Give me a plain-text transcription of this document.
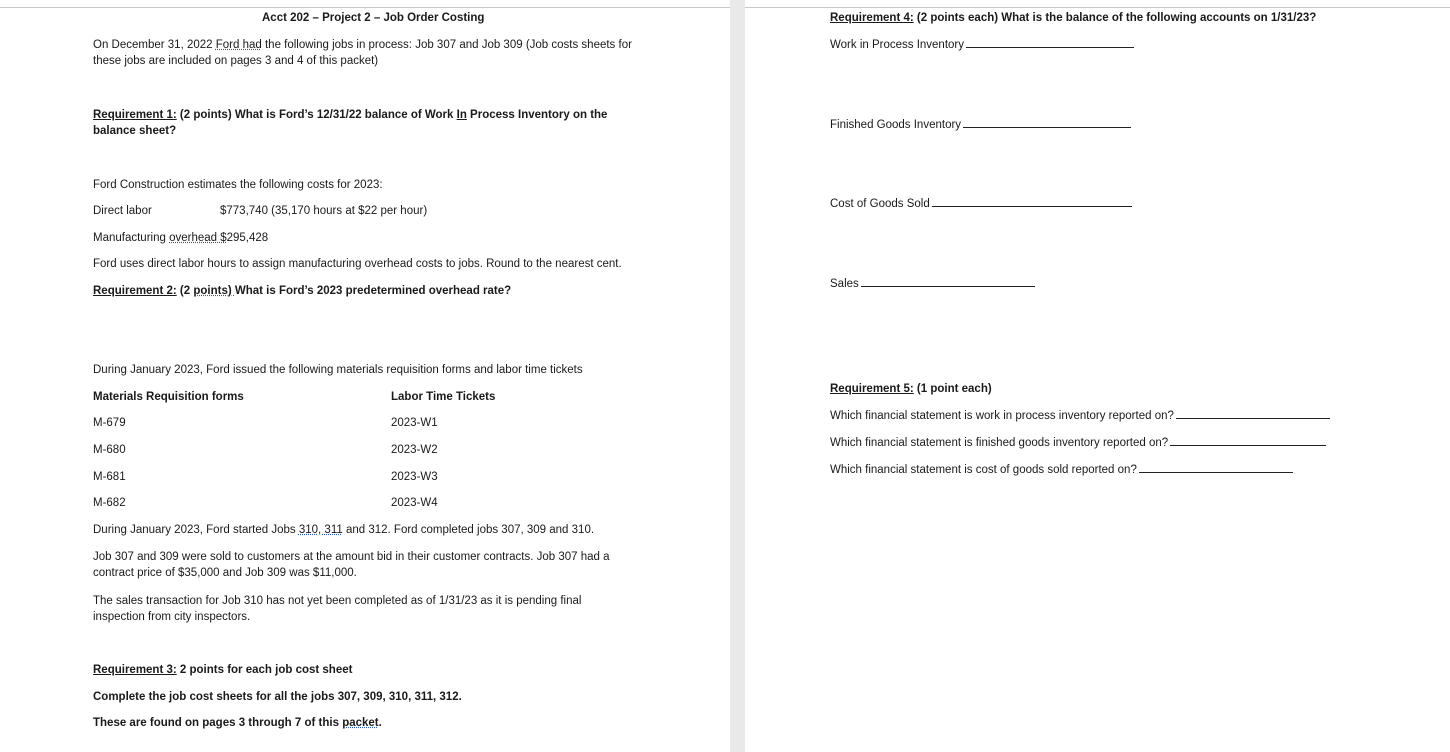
Acct 202 – Project 2 – Job Order Costing
On December 31, 2022 Ford had the following jobs in process: Job 307 and Job 309 (Job costs sheets for
these jobs are included on pages 3 and 4 of this packet)
Requirement 1: (2 points) What is Ford’s 12/31/22 balance of Work In Process Inventory on the
balance sheet?
Ford Construction estimates the following costs for 2023:
Direct labor	$773,740 (35,170 hours at $22 per hour)
Manufacturing overhead $295,428
Ford uses direct labor hours to assign manufacturing overhead costs to jobs. Round to the nearest cent.
Requirement 2: (2 points) What is Ford’s 2023 predetermined overhead rate?
During January 2023, Ford issued the following materials requisition forms and labor time tickets
Materials Requisition forms	Labor Time Tickets
M-679	2023-W1
M-680	2023-W2
M-681	2023-W3
M-682	2023-W4
During January 2023, Ford started Jobs 310, 311 and 312. Ford completed jobs 307, 309 and 310.
Job 307 and 309 were sold to customers at the amount bid in their customer contracts. Job 307 had a
contract price of $35,000 and Job 309 was $11,000.
The sales transaction for Job 310 has not yet been completed as of 1/31/23 as it is pending final
inspection from city inspectors.
Requirement 3: 2 points for each job cost sheet
Complete the job cost sheets for all the jobs 307, 309, 310, 311, 312.
These are found on pages 3 through 7 of this packet.
Requirement 4: (2 points each) What is the balance of the following accounts on 1/31/23?
Work in Process Inventory
Finished Goods Inventory
Cost of Goods Sold
Sales
Requirement 5: (1 point each)
Which financial statement is work in process inventory reported on?
Which financial statement is finished goods inventory reported on?
Which financial statement is cost of goods sold reported on?
